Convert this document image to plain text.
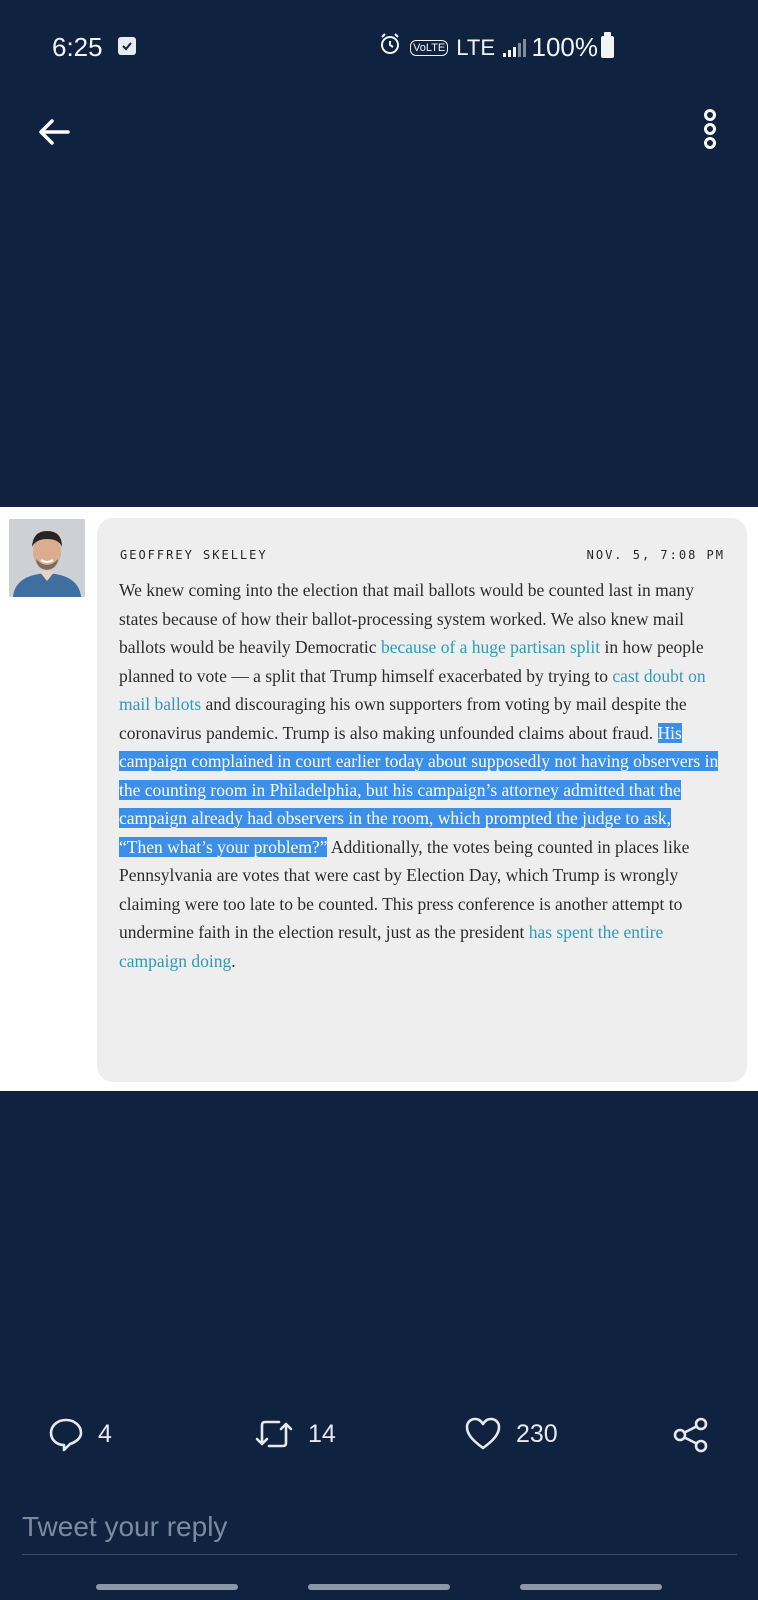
6:25	VoLTE LTE 100%
GEOFFREY SKELLEY	NOV. 5, 7:08 PM
We knew coming into the election that mail ballots would be counted last in many states because of how their ballot-processing system worked. We also knew mail ballots would be heavily Democratic because of a huge partisan split in how people planned to vote — a split that Trump himself exacerbated by trying to cast doubt on mail ballots and discouraging his own supporters from voting by mail despite the coronavirus pandemic. Trump is also making unfounded claims about fraud. His campaign complained in court earlier today about supposedly not having observers in the counting room in Philadelphia, but his campaign’s attorney admitted that the campaign already had observers in the room, which prompted the judge to ask, “Then what’s your problem?” Additionally, the votes being counted in places like Pennsylvania are votes that were cast by Election Day, which Trump is wrongly claiming were too late to be counted. This press conference is another attempt to undermine faith in the election result, just as the president has spent the entire campaign doing.
4	14	230
Tweet your reply
